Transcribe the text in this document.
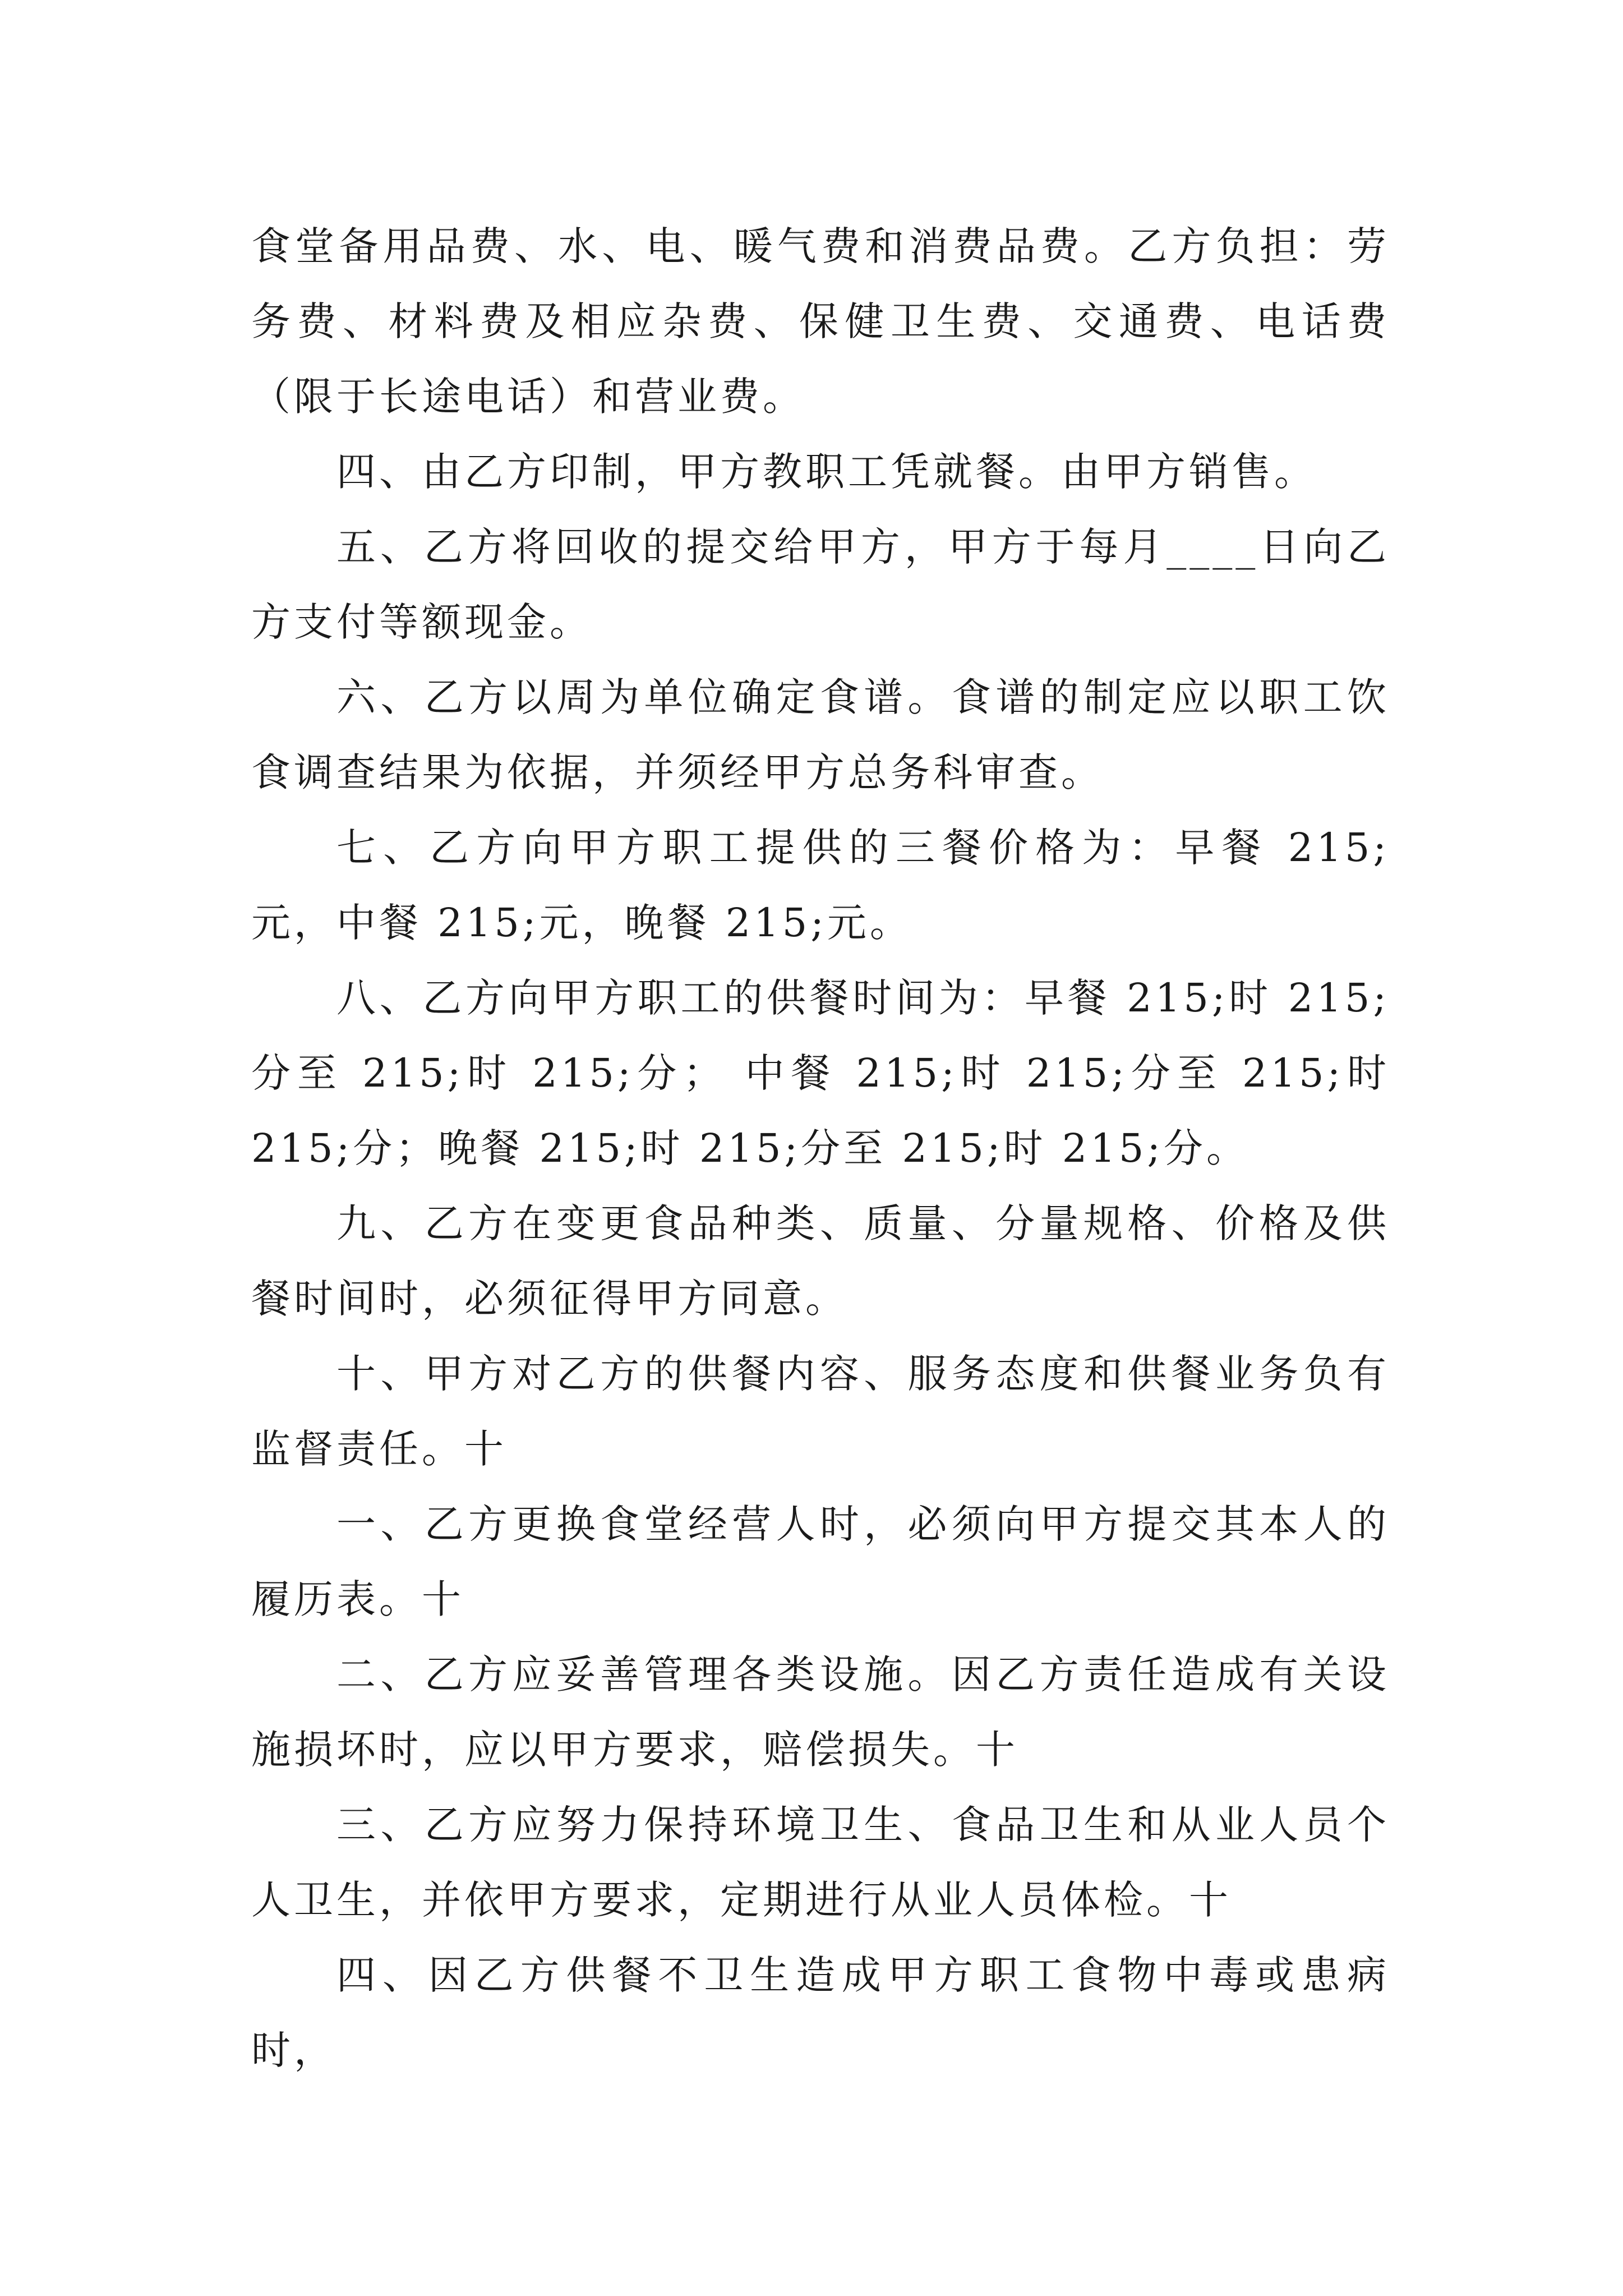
食堂备用品费、水、电、暖气费和消费品费。乙方负担：劳务费、材料费及相应杂费、保健卫生费、交通费、电话费（限于长途电话）和营业费。

四、由乙方印制，甲方教职工凭就餐。由甲方销售。

五、乙方将回收的提交给甲方，甲方于每月____日向乙方支付等额现金。

六、乙方以周为单位确定食谱。食谱的制定应以职工饮食调查结果为依据，并须经甲方总务科审查。

七、乙方向甲方职工提供的三餐价格为：早餐 215;元，中餐 215;元，晚餐 215;元。

八、乙方向甲方职工的供餐时间为：早餐 215;时 215;分至 215;时 215;分； 中餐 215;时 215;分至 215;时 215;分；晚餐 215;时 215;分至 215;时 215;分。

九、乙方在变更食品种类、质量、分量规格、价格及供餐时间时，必须征得甲方同意。

十、甲方对乙方的供餐内容、服务态度和供餐业务负有监督责任。十

一、乙方更换食堂经营人时，必须向甲方提交其本人的履历表。十

二、乙方应妥善管理各类设施。因乙方责任造成有关设施损坏时，应以甲方要求，赔偿损失。十

三、乙方应努力保持环境卫生、食品卫生和从业人员个人卫生，并依甲方要求，定期进行从业人员体检。十

四、因乙方供餐不卫生造成甲方职工食物中毒或患病时，
